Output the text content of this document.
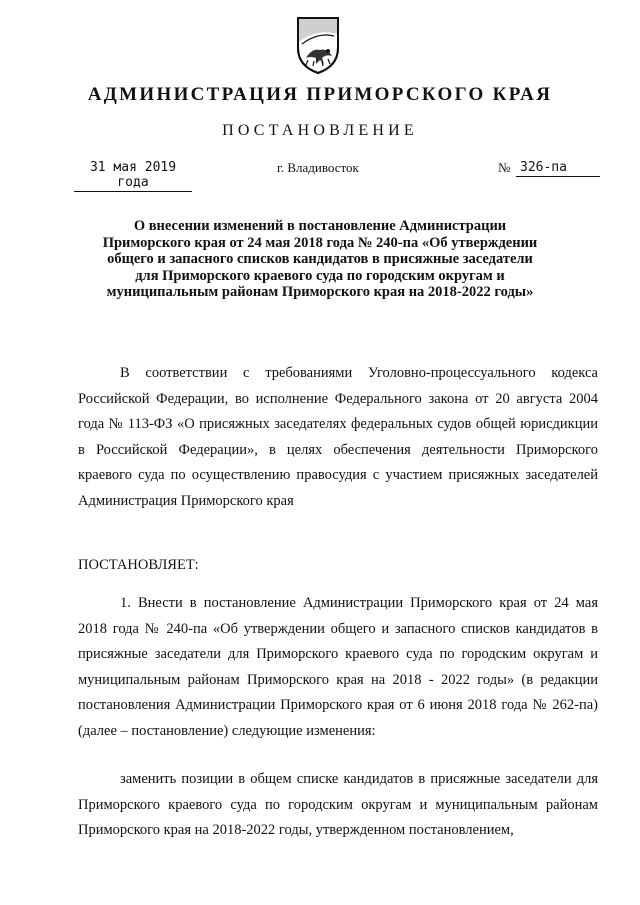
АДМИНИСТРАЦИЯ ПРИМОРСКОГО КРАЯ
ПОСТАНОВЛЕНИЕ
31 мая 2019 года
г. Владивосток	№ 326-па
О внесении изменений в постановление Администрации Приморского края от 24 мая 2018 года № 240-па «Об утверждении общего и запасного списков кандидатов в присяжные заседатели для Приморского краевого суда по городским округам и муниципальным районам Приморского края на 2018-2022 годы»
В соответствии с требованиями Уголовно-процессуального кодекса Российской Федерации, во исполнение Федерального закона от 20 августа 2004 года № 113-ФЗ «О присяжных заседателях федеральных судов общей юрисдикции в Российской Федерации», в целях обеспечения деятельности Приморского краевого суда по осуществлению правосудия с участием присяжных заседателей Администрация Приморского края
ПОСТАНОВЛЯЕТ:
1. Внести в постановление Администрации Приморского края от 24 мая 2018 года № 240-па «Об утверждении общего и запасного списков кандидатов в присяжные заседатели для Приморского краевого суда по городским округам и муниципальным районам Приморского края на 2018 - 2022 годы» (в редакции постановления Администрации Приморского края от 6 июня 2018 года № 262-па) (далее – постановление) следующие изменения:
заменить позиции в общем списке кандидатов в присяжные заседатели для Приморского краевого суда по городским округам и муниципальным районам Приморского края на 2018-2022 годы, утвержденном постановлением,
